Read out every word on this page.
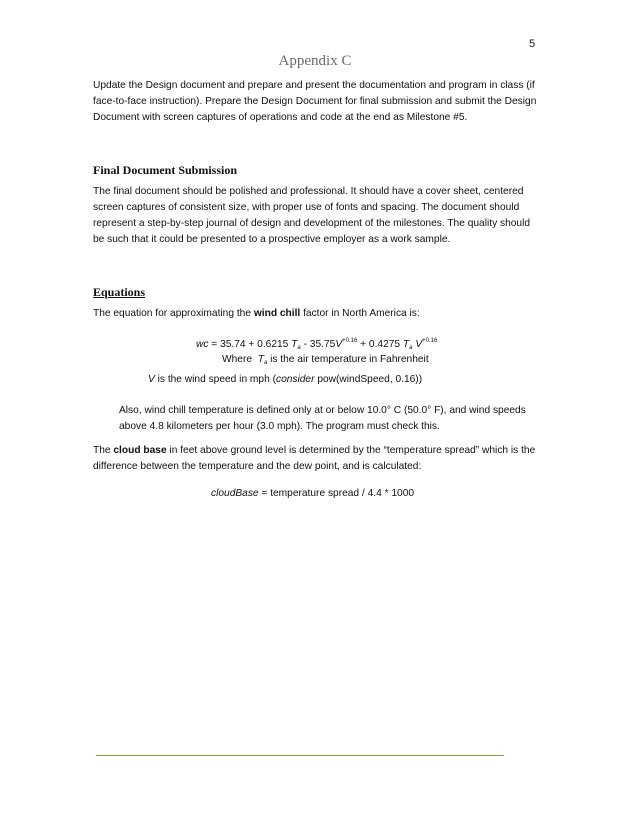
5
Appendix C

Update the Design document and prepare and present the documentation and program in class (if face-to-face instruction). Prepare the Design Document for final submission and submit the Design Document with screen captures of operations and code at the end as Milestone #5.

Final Document Submission

The final document should be polished and professional. It should have a cover sheet, centered screen captures of consistent size, with proper use of fonts and spacing. The document should represent a step-by-step journal of design and development of the milestones. The quality should be such that it could be presented to a prospective employer as a work sample.

Equations

The equation for approximating the wind chill factor in North America is:

wc = 35.74 + 0.6215 $T_a - 35.75V^{+0.16} + 0.4275$ $T_a$ $V^{+0.16}$
Where $T_a$ is the air temperature in Fahrenheit
V is the wind speed in mph (consider pow(windSpeed, 0.16))

Also, wind chill temperature is defined only at or below 10.0° C (50.0° F), and wind speeds above 4.8 kilometers per hour (3.0 mph). The program must check this.

The cloud base in feet above ground level is determined by the “temperature spread” which is the difference between the temperature and the dew point, and is calculated:

cloudBase = temperature spread / 4.4 * 1000
